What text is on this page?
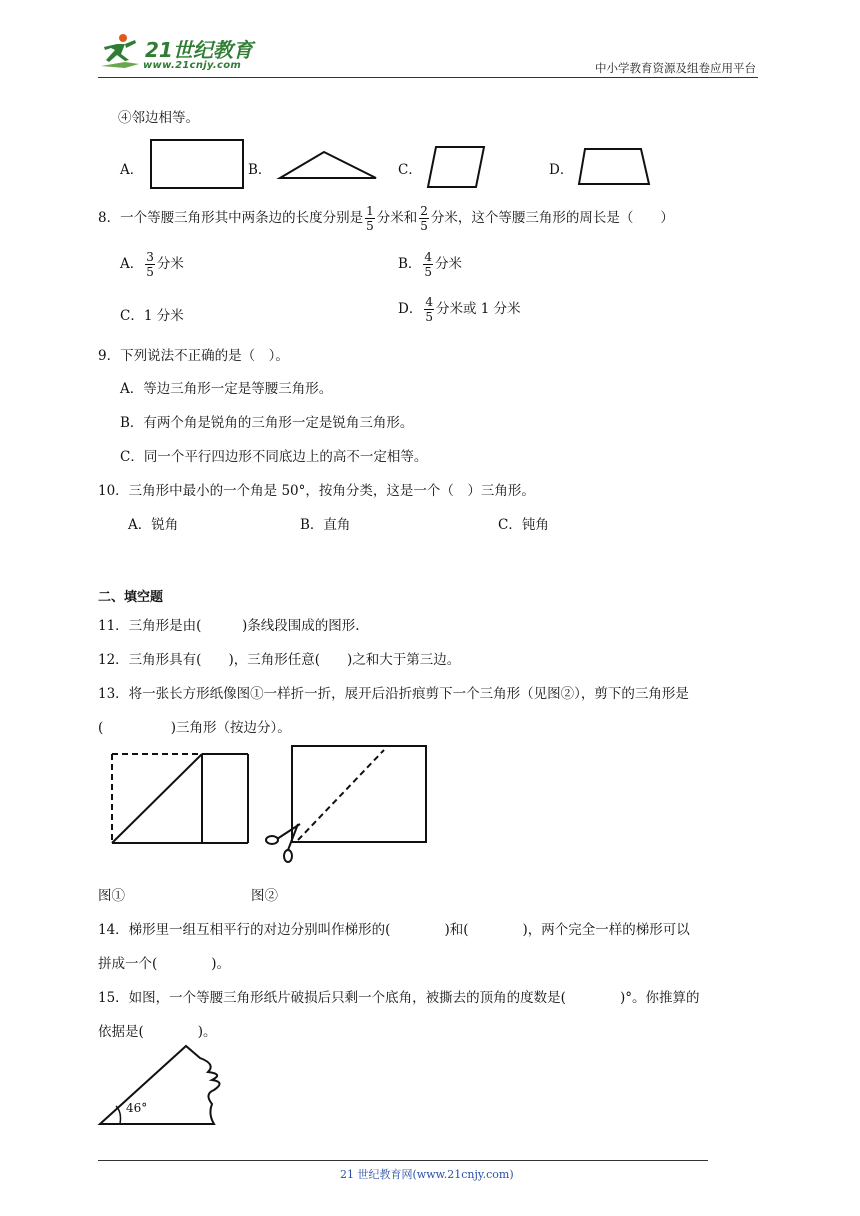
21世纪教育
www.21cnjy.com	中小学教育资源及组卷应用平台
④邻边相等。
A．	B．	C．	D．
8．一个等腰三角形其中两条边的长度分别是 $\frac{1}{5}$ 分米和 $\frac{2}{5}$ 分米，这个等腰三角形的周长是（　　）
A． $\frac{3}{5}$ 分米	B． $\frac{4}{5}$ 分米
C．1 分米	D． $\frac{4}{5}$ 分米或 1 分米
9．下列说法不正确的是（　）。
A．等边三角形一定是等腰三角形。
B．有两个角是锐角的三角形一定是锐角三角形。
C．同一个平行四边形不同底边上的高不一定相等。
10．三角形中最小的一个角是 50°，按角分类，这是一个（　）三角形。
A．锐角	B．直角	C．钝角
二、填空题
11．三角形是由(　　　)条线段围成的图形.
12．三角形具有(　　)，三角形任意(　　)之和大于第三边。
13．将一张长方形纸像图①一样折一折，展开后沿折痕剪下一个三角形（见图②），剪下的三角形是
(　　　　　)三角形（按边分）。
图①	图②
14．梯形里一组互相平行的对边分别叫作梯形的(　　　　)和(　　　　)，两个完全一样的梯形可以
拼成一个(　　　　)。
15．如图，一个等腰三角形纸片破损后只剩一个底角，被撕去的顶角的度数是(　　　　)°。你推算的
依据是(　　　　)。
46°
21 世纪教育网(www.21cnjy.com)
